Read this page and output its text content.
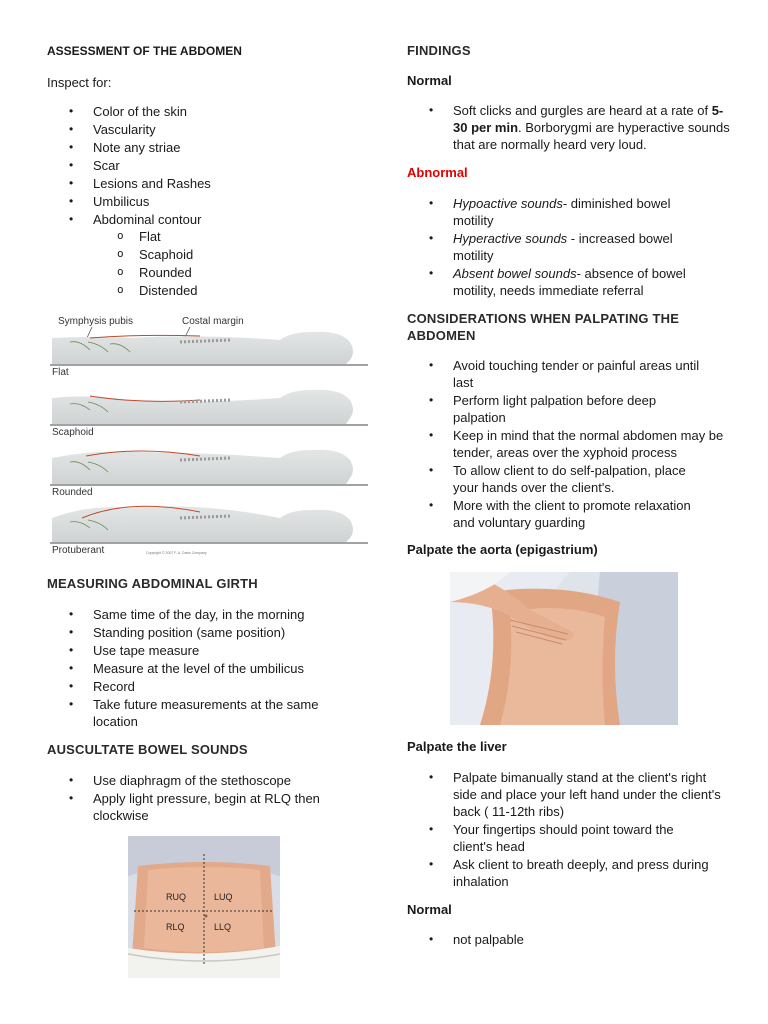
ASSESSMENT OF THE ABDOMEN
Inspect for:
• Color of the skin
• Vascularity
• Note any striae
• Scar
• Lesions and Rashes
• Umbilicus
• Abdominal contour
o Flat
o Scaphoid
o Rounded
o Distended
Symphysis pubis	Costal margin
Flat
Scaphoid
Rounded
Protuberant	Copyright © 2007 F. A. Davis Company
MEASURING ABDOMINAL GIRTH
• Same time of the day, in the morning
• Standing position (same position)
• Use tape measure
• Measure at the level of the umbilicus
• Record
• Take future measurements at the same location
AUSCULTATE BOWEL SOUNDS
• Use diaphragm of the stethoscope
• Apply light pressure, begin at RLQ then clockwise
RUQ	LUQ
RLQ	LLQ
FINDINGS
Normal
• Soft clicks and gurgles are heard at a rate of 5- 30 per min. Borborygmi are hyperactive sounds that are normally heard very loud.
Abnormal
• Hypoactive sounds- diminished bowel motility
• Hyperactive sounds - increased bowel motility
• Absent bowel sounds- absence of bowel motility, needs immediate referral
CONSIDERATIONS WHEN PALPATING THE ABDOMEN
• Avoid touching tender or painful areas until last
• Perform light palpation before deep palpation
• Keep in mind that the normal abdomen may be tender, areas over the xyphoid process
• To allow client to do self-palpation, place your hands over the client's.
• More with the client to promote relaxation and voluntary guarding
Palpate the aorta (epigastrium)
Palpate the liver
• Palpate bimanually stand at the client's right side and place your left hand under the client's back ( 11-12th ribs)
• Your fingertips should point toward the client's head
• Ask client to breath deeply, and press during inhalation
Normal
• not palpable
